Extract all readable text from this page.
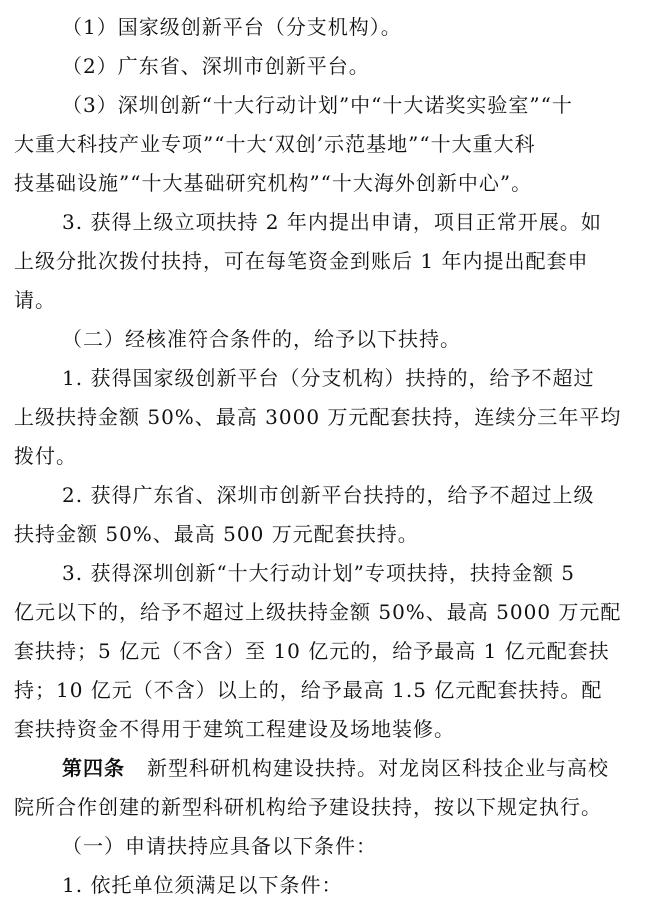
（1）国家级创新平台（分支机构）。
（2）广东省、深圳市创新平台。
（3）深圳创新“十大行动计划”中“十大诺奖实验室”“十
大重大科技产业专项”“十大‘双创’示范基地”“十大重大科
技基础设施”“十大基础研究机构”“十大海外创新中心”。
3. 获得上级立项扶持 2 年内提出申请，项目正常开展。如
上级分批次拨付扶持，可在每笔资金到账后 1 年内提出配套申
请。
（二）经核准符合条件的，给予以下扶持。
1. 获得国家级创新平台（分支机构）扶持的，给予不超过
上级扶持金额 50%、最高 3000 万元配套扶持，连续分三年平均
拨付。
2. 获得广东省、深圳市创新平台扶持的，给予不超过上级
扶持金额 50%、最高 500 万元配套扶持。
3. 获得深圳创新“十大行动计划”专项扶持，扶持金额 5
亿元以下的，给予不超过上级扶持金额 50%、最高 5000 万元配
套扶持；5 亿元（不含）至 10 亿元的，给予最高 1 亿元配套扶
持；10 亿元（不含）以上的，给予最高 1.5 亿元配套扶持。配
套扶持资金不得用于建筑工程建设及场地装修。
第四条 新型科研机构建设扶持。对龙岗区科技企业与高校
院所合作创建的新型科研机构给予建设扶持，按以下规定执行。
（一）申请扶持应具备以下条件：
1. 依托单位须满足以下条件：
